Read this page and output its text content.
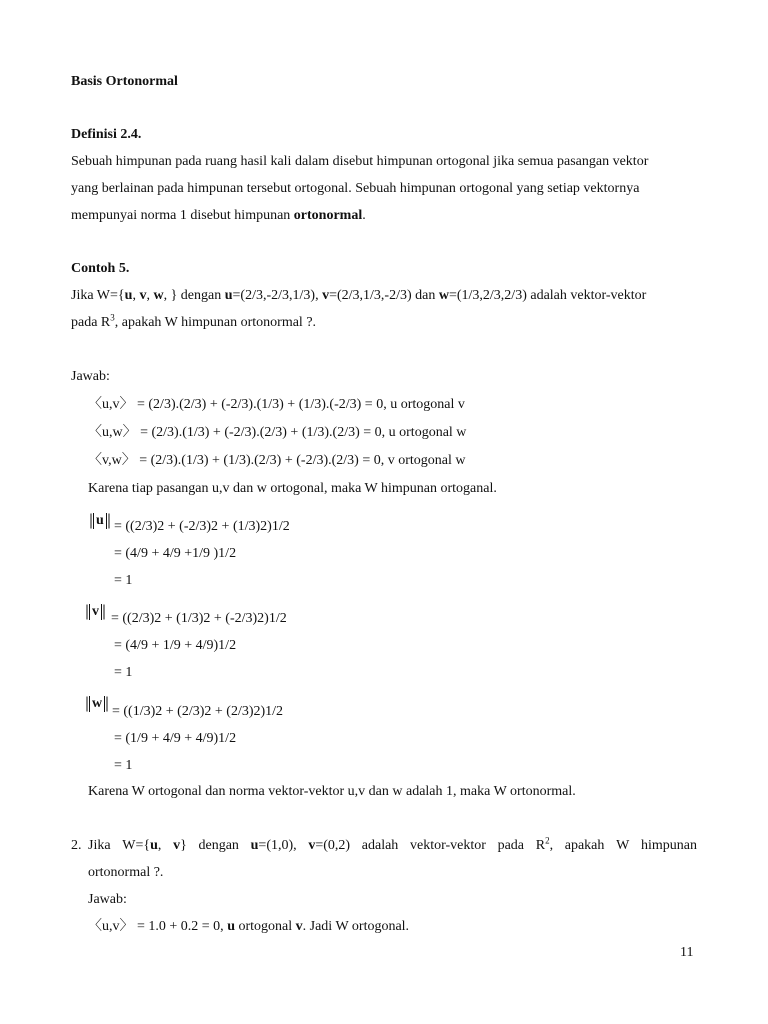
Basis Ortonormal
Definisi 2.4.
Sebuah himpunan pada ruang hasil kali dalam disebut himpunan ortogonal jika semua pasangan vektor
yang berlainan pada himpunan tersebut ortogonal. Sebuah himpunan ortogonal yang setiap vektornya
mempunyai norma 1 disebut himpunan ortonormal.
Contoh 5.
Jika W={u, v, w, } dengan u=(2/3,-2/3,1/3), v=(2/3,1/3,-2/3) dan w=(1/3,2/3,2/3) adalah vektor-vektor
pada $R^3$, apakah W himpunan ortonormal ?.
Jawab:
〈u,v〉 = (2/3).(2/3) + (-2/3).(1/3) + (1/3).(-2/3) = 0, u ortogonal v
〈u,w〉 = (2/3).(1/3) + (-2/3).(2/3) + (1/3).(2/3) = 0, u ortogonal w
〈v,w〉 = (2/3).(1/3) + (1/3).(2/3) + (-2/3).(2/3) = 0, v ortogonal w
Karena tiap pasangan u,v dan w ortogonal, maka W himpunan ortoganal.
u = ((2/3)2 + (-2/3)2 + (1/3)2)1/2
= (4/9 + 4/9 +1/9 )1/2
= 1
v = ((2/3)2 + (1/3)2 + (-2/3)2)1/2
= (4/9 + 1/9 + 4/9)1/2
= 1
w
= ((1/3)2 + (2/3)2 + (2/3)2)1/2
= (1/9 + 4/9 + 4/9)1/2
= 1
Karena W ortogonal dan norma vektor-vektor u,v dan w adalah 1, maka W ortonormal.
2. Jika W={u, v} dengan u=(1,0), v=(0,2) adalah vektor-vektor pada $R^2$, apakah W himpunan
ortonormal ?.
Jawab:
〈u,v〉 = 1.0 + 0.2 = 0, u ortogonal v. Jadi W ortogonal.
11
